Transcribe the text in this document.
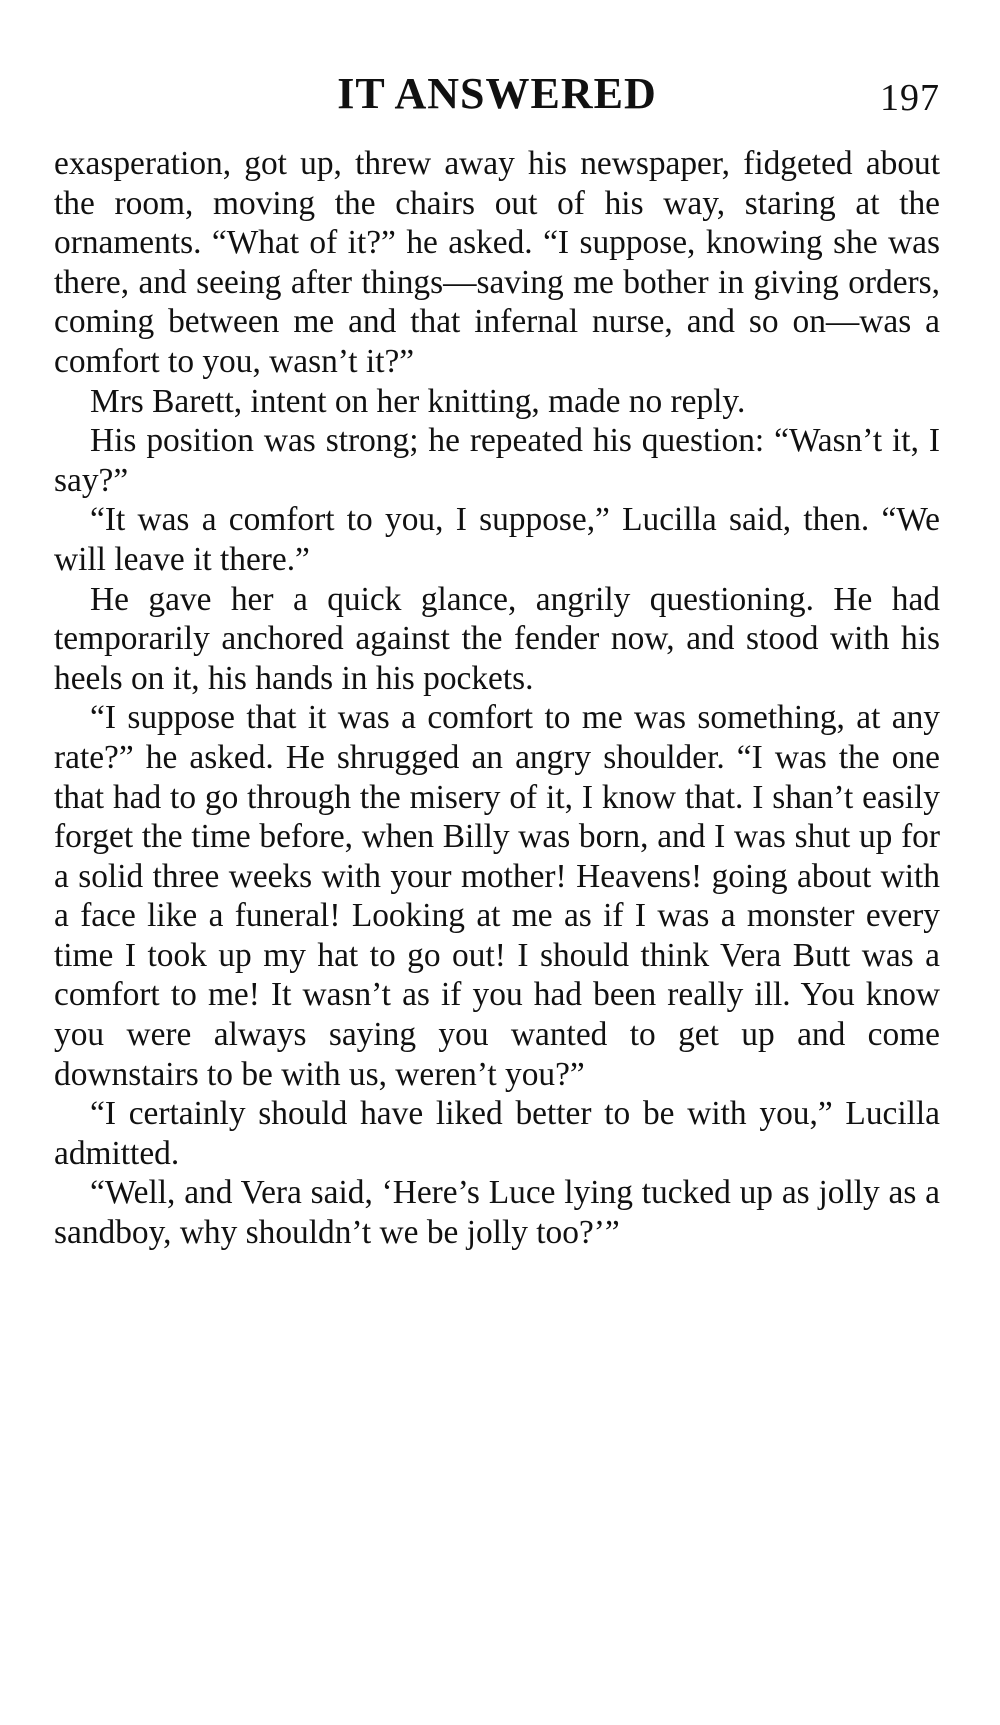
IT ANSWERED	197

exasperation, got up, threw away his newspaper, fidgeted about the room, moving the chairs out of his way, staring at the ornaments. “What of it?” he asked. “I suppose, knowing she was there, and seeing after things—saving me bother in giving orders, coming between me and that infernal nurse, and so on—was a comfort to you, wasn’t it?”

Mrs Barett, intent on her knitting, made no reply.

His position was strong; he repeated his question: “Wasn’t it, I say?”

“It was a comfort to you, I suppose,” Lucilla said, then. “We will leave it there.”

He gave her a quick glance, angrily questioning. He had temporarily anchored against the fender now, and stood with his heels on it, his hands in his pockets.

“I suppose that it was a comfort to me was something, at any rate?” he asked. He shrugged an angry shoulder. “I was the one that had to go through the misery of it, I know that. I shan’t easily forget the time before, when Billy was born, and I was shut up for a solid three weeks with your mother! Heavens! going about with a face like a funeral! Looking at me as if I was a monster every time I took up my hat to go out! I should think Vera Butt was a comfort to me! It wasn’t as if you had been really ill. You know you were always saying you wanted to get up and come downstairs to be with us, weren’t you?”

“I certainly should have liked better to be with you,” Lucilla admitted.

“Well, and Vera said, ‘Here’s Luce lying tucked up as jolly as a sandboy, why shouldn’t we be jolly too?’”
